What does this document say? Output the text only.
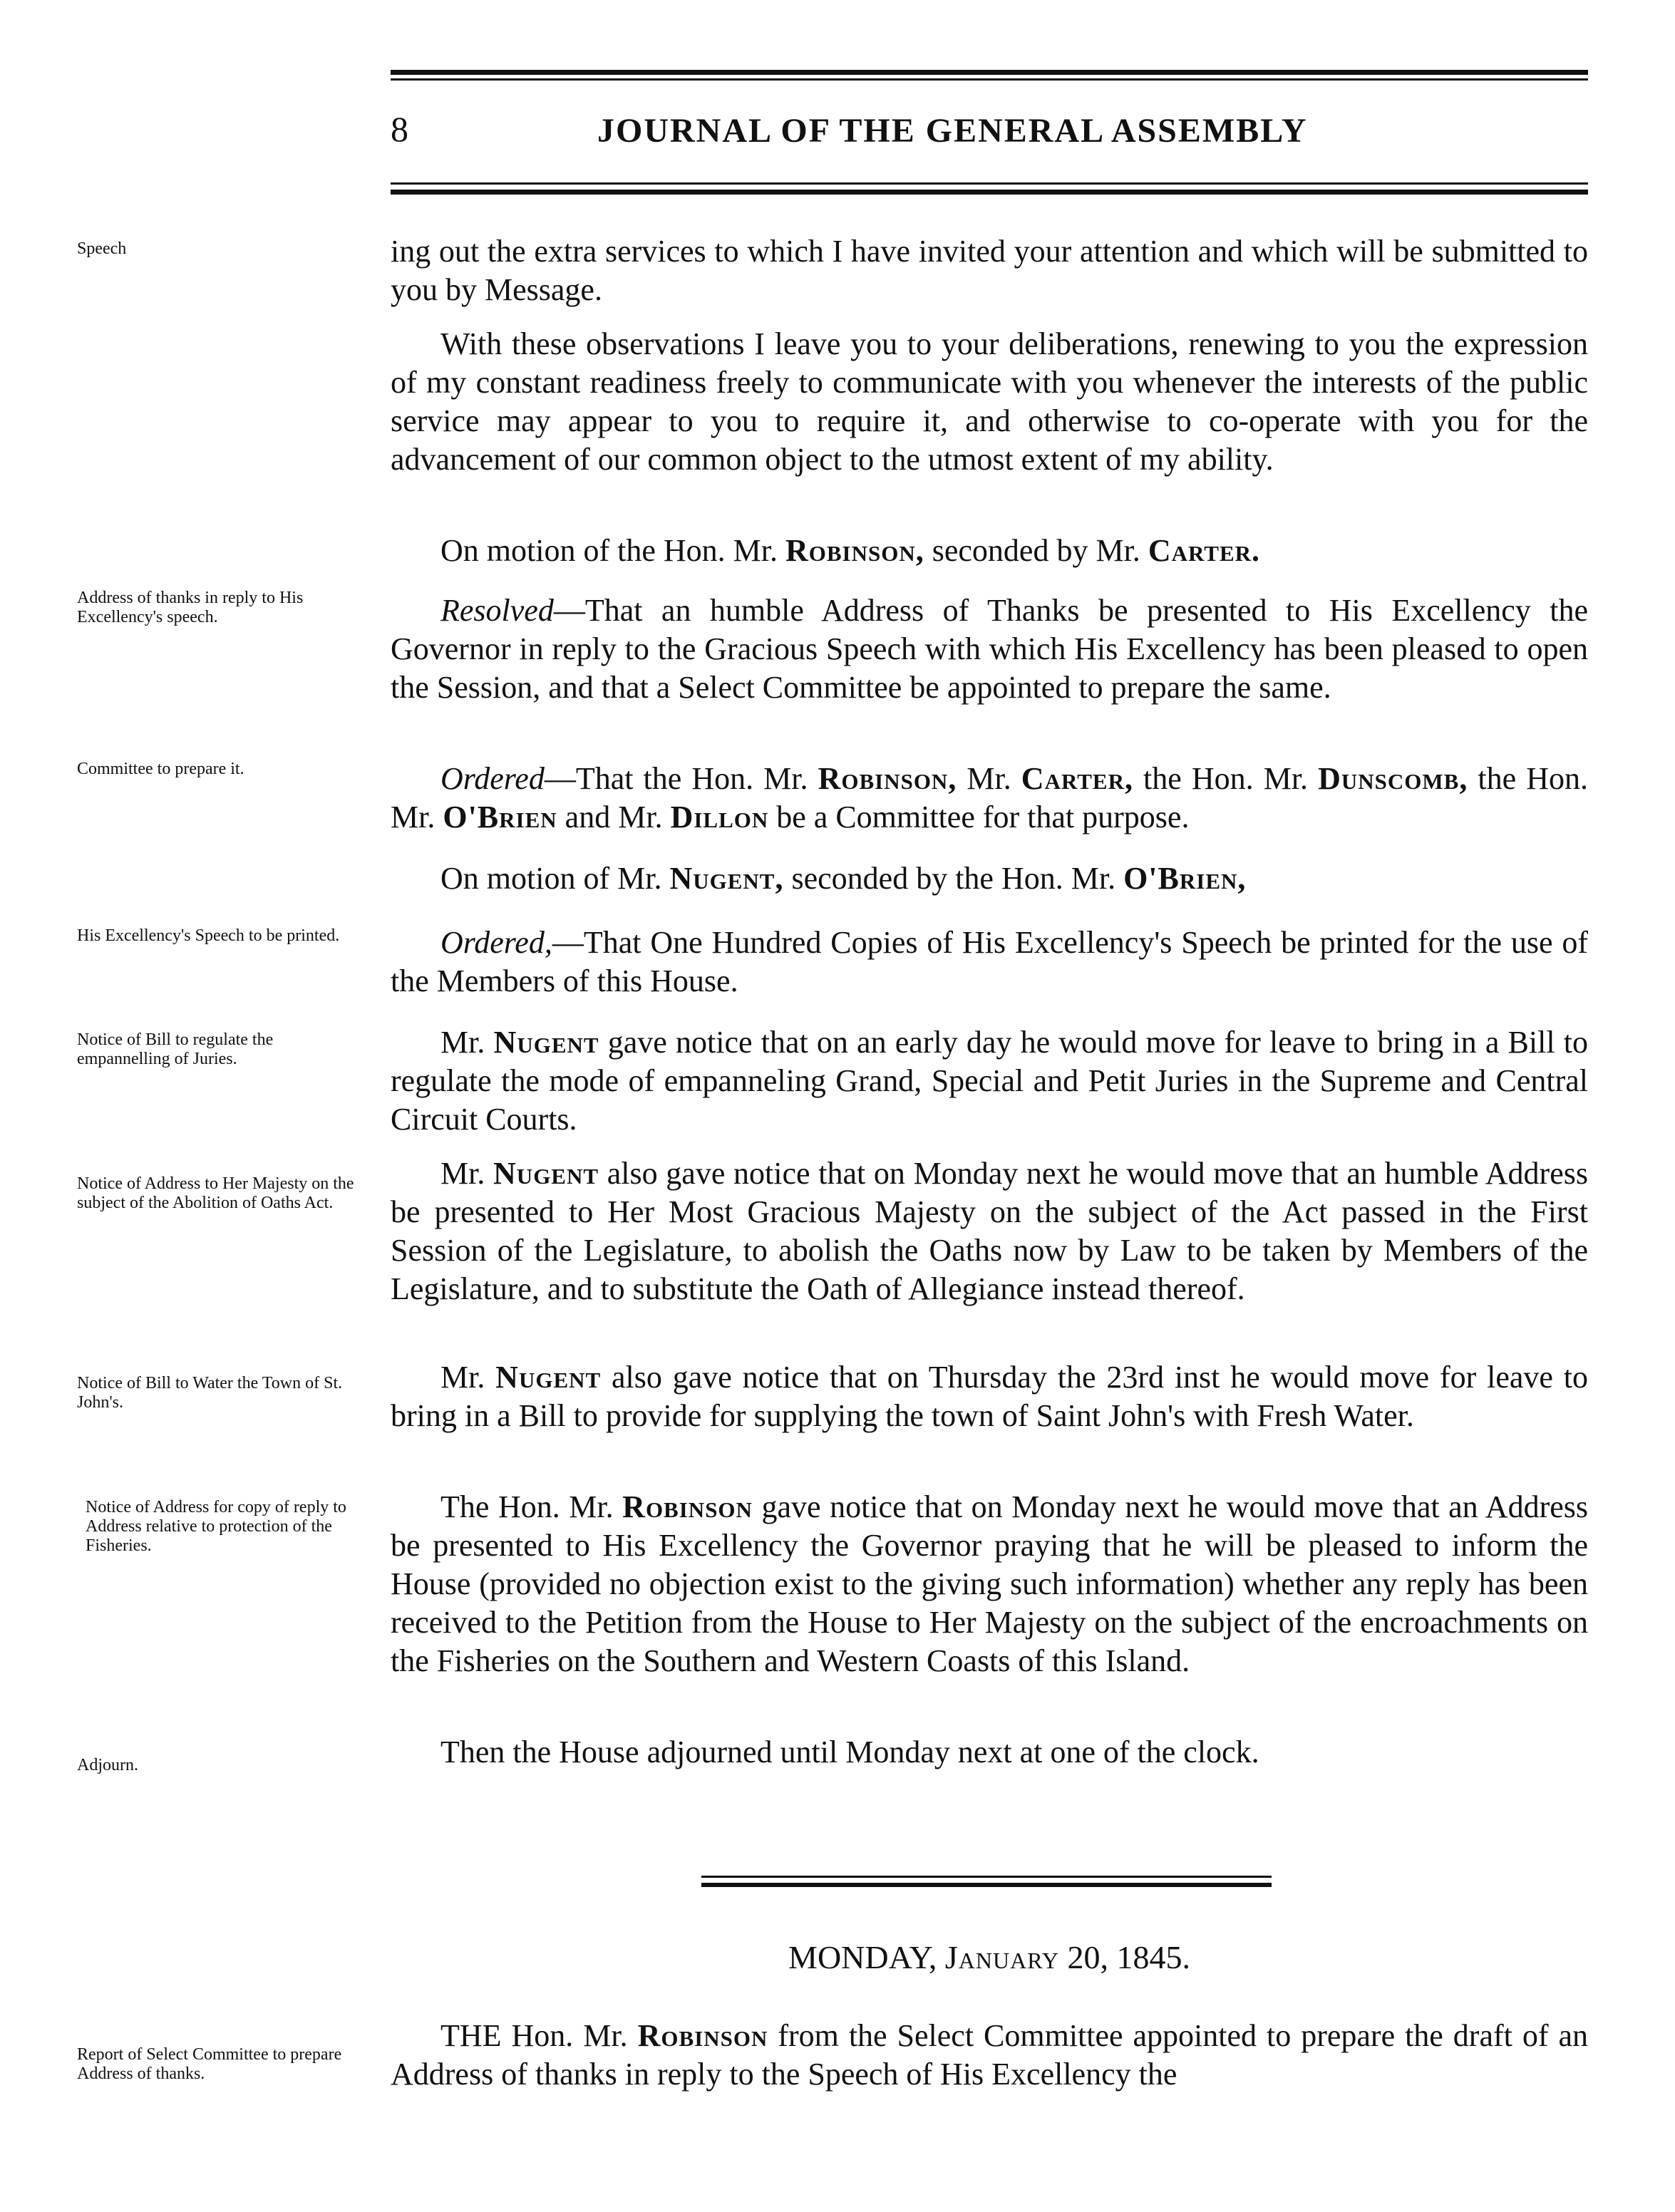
8	JOURNAL OF THE GENERAL ASSEMBLY
Speech
Address of thanks in reply to His Excellency's speech.
Committee to prepare it.
His Excellency's Speech to be printed.
Notice of Bill to regulate the empannelling of Juries.
Notice of Address to Her Majesty on the subject of the Abolition of Oaths Act.
Notice of Bill to Water the Town of St. John's.
Notice of Address for copy of reply to Address relative to protection of the Fisheries.
Adjourn.
Report of Select Committee to prepare Address of thanks.

ing out the extra services to which I have invited your attention and which will be submitted to you by Message.

With these observations I leave you to your deliberations, renewing to you the expression of my constant readiness freely to communicate with you whenever the interests of the public service may appear to you to require it, and otherwise to co-operate with you for the advancement of our common object to the utmost extent of my ability.

On motion of the Hon. Mr. Robinson, seconded by Mr. Carter.

Resolved—That an humble Address of Thanks be presented to His Excellency the Governor in reply to the Gracious Speech with which His Excellency has been pleased to open the Session, and that a Select Committee be appointed to prepare the same.

Ordered—That the Hon. Mr. Robinson, Mr. Carter, the Hon. Mr. Dunscomb, the Hon. Mr. O'Brien and Mr. Dillon be a Committee for that purpose.

On motion of Mr. Nugent, seconded by the Hon. Mr. O'Brien,

Ordered,—That One Hundred Copies of His Excellency's Speech be printed for the use of the Members of this House.

Mr. Nugent gave notice that on an early day he would move for leave to bring in a Bill to regulate the mode of empanneling Grand, Special and Petit Juries in the Supreme and Central Circuit Courts.

Mr. Nugent also gave notice that on Monday next he would move that an humble Address be presented to Her Most Gracious Majesty on the subject of the Act passed in the First Session of the Legislature, to abolish the Oaths now by Law to be taken by Members of the Legislature, and to substitute the Oath of Allegiance instead thereof.

Mr. Nugent also gave notice that on Thursday the 23rd inst he would move for leave to bring in a Bill to provide for supplying the town of Saint John's with Fresh Water.

The Hon. Mr. Robinson gave notice that on Monday next he would move that an Address be presented to His Excellency the Governor praying that he will be pleased to inform the House (provided no objection exist to the giving such information) whether any reply has been received to the Petition from the House to Her Majesty on the subject of the encroachments on the Fisheries on the Southern and Western Coasts of this Island.

Then the House adjourned until Monday next at one of the clock.

MONDAY, January 20, 1845.

THE Hon. Mr. Robinson from the Select Committee appointed to prepare the draft of an Address of thanks in reply to the Speech of His Excellency the
